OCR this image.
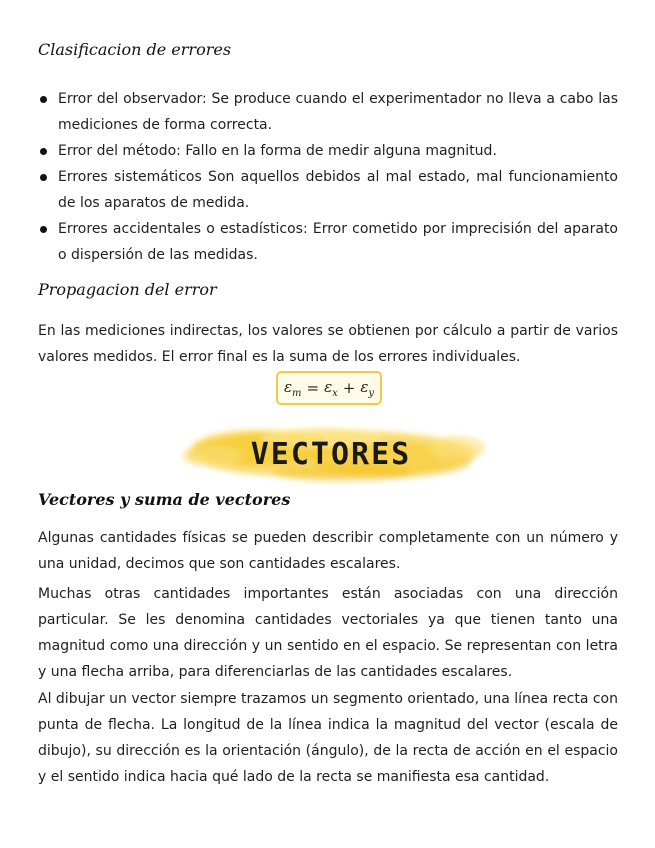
Clasificacion de errores
Error del observador: Se produce cuando el experimentador no lleva a cabo las mediciones de forma correcta.
Error del método: Fallo en la forma de medir alguna magnitud.
Errores sistemáticos Son aquellos debidos al mal estado, mal funcionamiento de los aparatos de medida.
Errores accidentales o estadísticos: Error cometido por imprecisión del aparato o dispersión de las medidas.
Propagacion del error

En las mediciones indirectas, los valores se obtienen por cálculo a partir de varios valores medidos. El error final es la suma de los errores individuales.

$\varepsilon_m = \varepsilon_x + \varepsilon_y$
VECTORES
Vectores y suma de vectores

Algunas cantidades físicas se pueden describir completamente con un número y una unidad, decimos que son cantidades escalares.

Muchas otras cantidades importantes están asociadas con una dirección particular. Se les denomina cantidades vectoriales ya que tienen tanto una magnitud como una dirección y un sentido en el espacio. Se representan con letra y una flecha arriba, para diferenciarlas de las cantidades escalares.

Al dibujar un vector siempre trazamos un segmento orientado, una línea recta con punta de flecha. La longitud de la línea indica la magnitud del vector (escala de dibujo), su dirección es la orientación (ángulo), de la recta de acción en el espacio y el sentido indica hacia qué lado de la recta se manifiesta esa cantidad.
